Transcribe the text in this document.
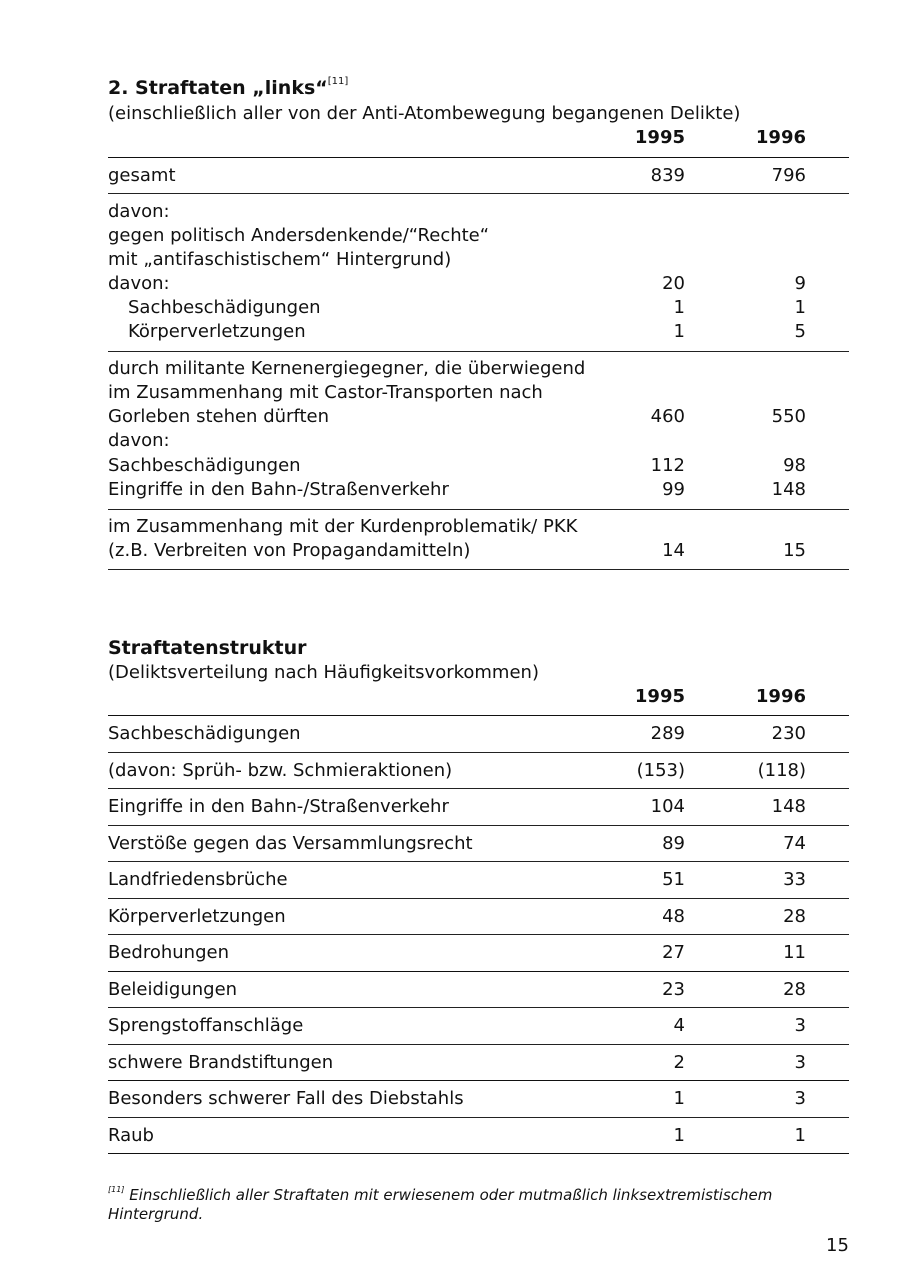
2. Straftaten „links“[11]
(einschließlich aller von der Anti-Atombewegung begangenen Delikte)
1995	1996
gesamt	839	796
davon:
gegen politisch Andersdenkende/“Rechte“
mit „antifaschistischem“ Hintergrund)
davon:	20	9
Sachbeschädigungen	1	1
Körperverletzungen	1	5
durch militante Kernenergiegegner, die überwiegend
im Zusammenhang mit Castor-Transporten nach
Gorleben stehen dürften	460	550
davon:
Sachbeschädigungen	112	98
Eingriffe in den Bahn-/Straßenverkehr	99	148
im Zusammenhang mit der Kurdenproblematik/ PKK
(z.B. Verbreiten von Propagandamitteln)	14	15
Straftatenstruktur
(Deliktsverteilung nach Häufigkeitsvorkommen)
1995	1996
Sachbeschädigungen	289	230
(davon: Sprüh- bzw. Schmieraktionen)	(153)	(118)
Eingriffe in den Bahn-/Straßenverkehr	104	148
Verstöße gegen das Versammlungsrecht	89	74
Landfriedensbrüche	51	33
Körperverletzungen	48	28
Bedrohungen	27	11
Beleidigungen	23	28
Sprengstoffanschläge	4	3
schwere Brandstiftungen	2	3
Besonders schwerer Fall des Diebstahls	1	3
Raub	1	1
[11] Einschließlich aller Straftaten mit erwiesenem oder mutmaßlich linksextremistischem Hintergrund.
15
